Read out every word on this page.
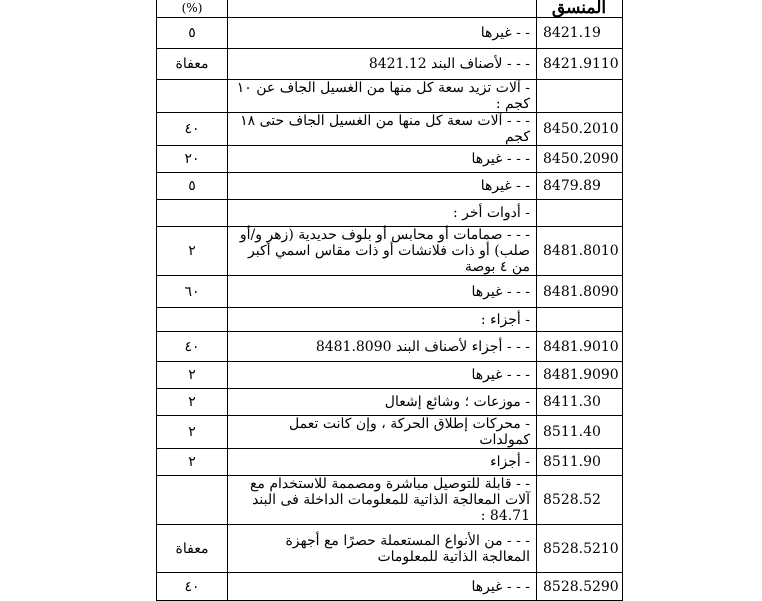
(%)		المنسق
٥	- - غيرها	8421.19
معفاة	- - - لأصناف البند 8421.12	8421.9110
	- آلات تزيد سعة كل منها من الغسيل الجاف عن ١٠ كجم :	
٤٠	- - - آلات سعة كل منها من الغسيل الجاف حتى ١٨ كجم	8450.2010
٢٠	- - - غيرها	8450.2090
٥	- - غيرها	8479.89
	- أدوات أخر :	
٢	- - - صمامات أو محابس أو بلوف حديدية (زهر و/أو صلب) أو ذات فلانشات أو ذات مقاس اسمي أكبر من ٤ بوصة	8481.8010
٦٠	- - - غيرها	8481.8090
	- أجزاء :	
٤٠	- - - أجزاء لأصناف البند 8481.8090	8481.9010
٢	- - - غيرها	8481.9090
٢	- موزعات ؛ وشائع إشعال	8411.30
٢	- محركات إطلاق الحركة ، وإن كانت تعمل كمولدات	8511.40
٢	- أجزاء	8511.90
	- - قابلة للتوصيل مباشرة ومصممة للاستخدام مع آلات المعالجة الذاتية للمعلومات الداخلة فى البند 84.71 :	8528.52
معفاة	- - - من الأنواع المستعملة حصرًا مع أجهزة المعالجة الذاتية للمعلومات	8528.5210
٤٠	- - - غيرها	8528.5290
